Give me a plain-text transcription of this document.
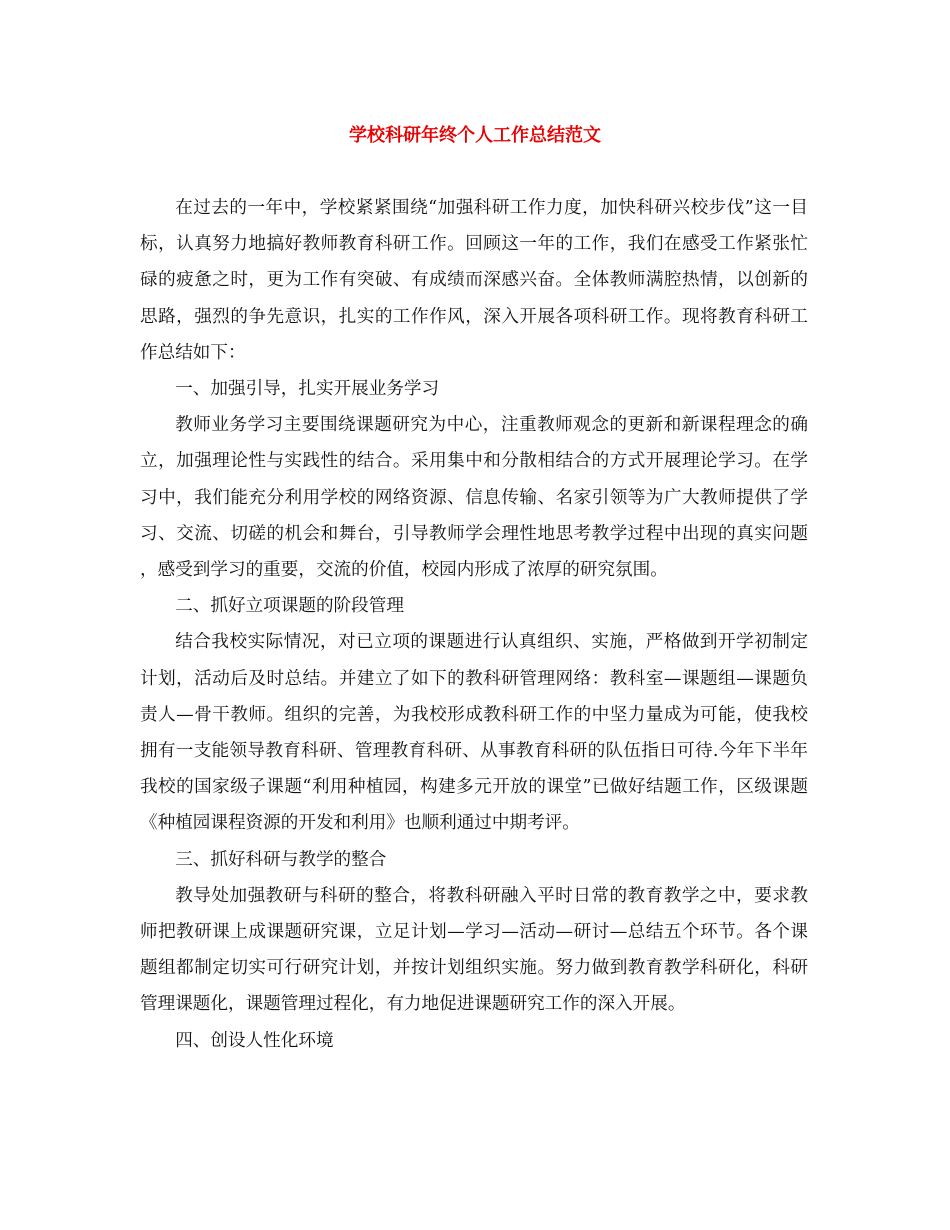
学校科研年终个人工作总结范文

在过去的一年中，学校紧紧围绕“加强科研工作力度，加快科研兴校步伐”这一目标，认真努力地搞好教师教育科研工作。回顾这一年的工作，我们在感受工作紧张忙碌的疲惫之时，更为工作有突破、有成绩而深感兴奋。全体教师满腔热情，以创新的思路，强烈的争先意识，扎实的工作作风，深入开展各项科研工作。现将教育科研工作总结如下：

一、加强引导，扎实开展业务学习

教师业务学习主要围绕课题研究为中心，注重教师观念的更新和新课程理念的确立，加强理论性与实践性的结合。采用集中和分散相结合的方式开展理论学习。在学习中，我们能充分利用学校的网络资源、信息传输、名家引领等为广大教师提供了学习、交流、切磋的机会和舞台，引导教师学会理性地思考教学过程中出现的真实问题，感受到学习的重要，交流的价值，校园内形成了浓厚的研究氛围。

二、抓好立项课题的阶段管理

结合我校实际情况，对已立项的课题进行认真组织、实施，严格做到开学初制定计划，活动后及时总结。并建立了如下的教科研管理网络：教科室—课题组—课题负责人—骨干教师。组织的完善，为我校形成教科研工作的中坚力量成为可能，使我校拥有一支能领导教育科研、管理教育科研、从事教育科研的队伍指日可待.今年下半年我校的国家级子课题“利用种植园，构建多元开放的课堂”已做好结题工作，区级课题《种植园课程资源的开发和利用》也顺利通过中期考评。

三、抓好科研与教学的整合

教导处加强教研与科研的整合，将教科研融入平时日常的教育教学之中，要求教师把教研课上成课题研究课，立足计划—学习—活动—研讨—总结五个环节。各个课题组都制定切实可行研究计划，并按计划组织实施。努力做到教育教学科研化，科研管理课题化，课题管理过程化，有力地促进课题研究工作的深入开展。

四、创设人性化环境
